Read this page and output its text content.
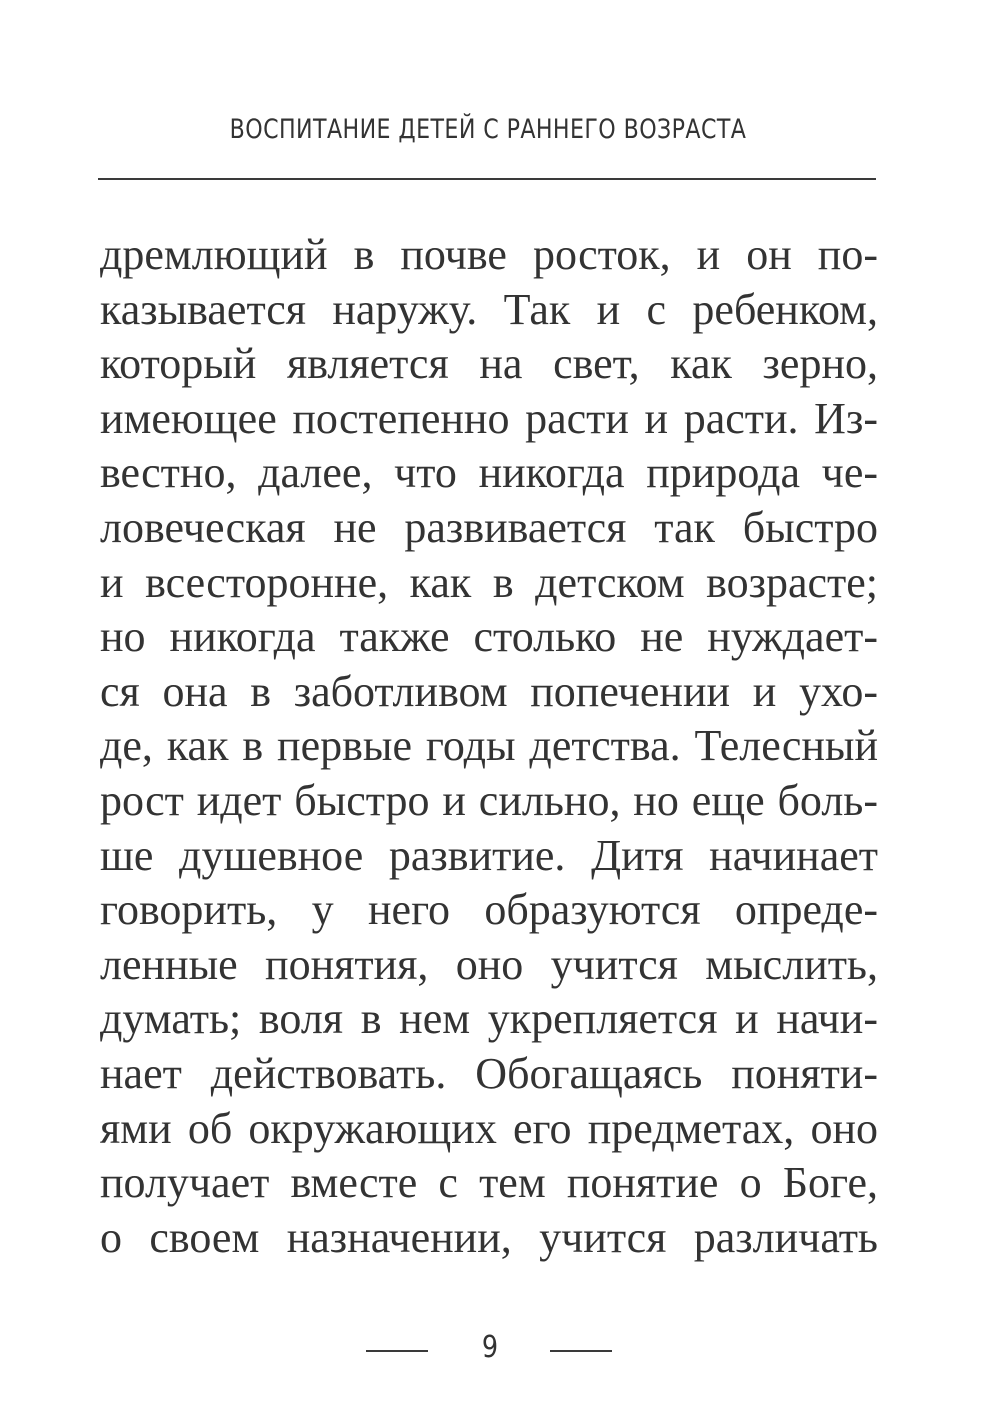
ВОСПИТАНИЕ ДЕТЕЙ С РАННЕГО ВОЗРАСТА
дремлющий в почве росток, и он по-
казывается наружу. Так и с ребенком,
который является на свет, как зерно,
имеющее постепенно расти и расти. Из-
вестно, далее, что никогда природа че-
ловеческая не развивается так быстро
и всесторонне, как в детском возрасте;
но никогда также столько не нуждает-
ся она в заботливом попечении и ухо-
де, как в первые годы детства. Телесный
рост идет быстро и сильно, но еще боль-
ше душевное развитие. Дитя начинает
говорить, у него образуются опреде-
ленные понятия, оно учится мыслить,
думать; воля в нем укрепляется и начи-
нает действовать. Обогащаясь поняти-
ями об окружающих его предметах, оно
получает вместе с тем понятие о Боге,
о своем назначении, учится различать
9
